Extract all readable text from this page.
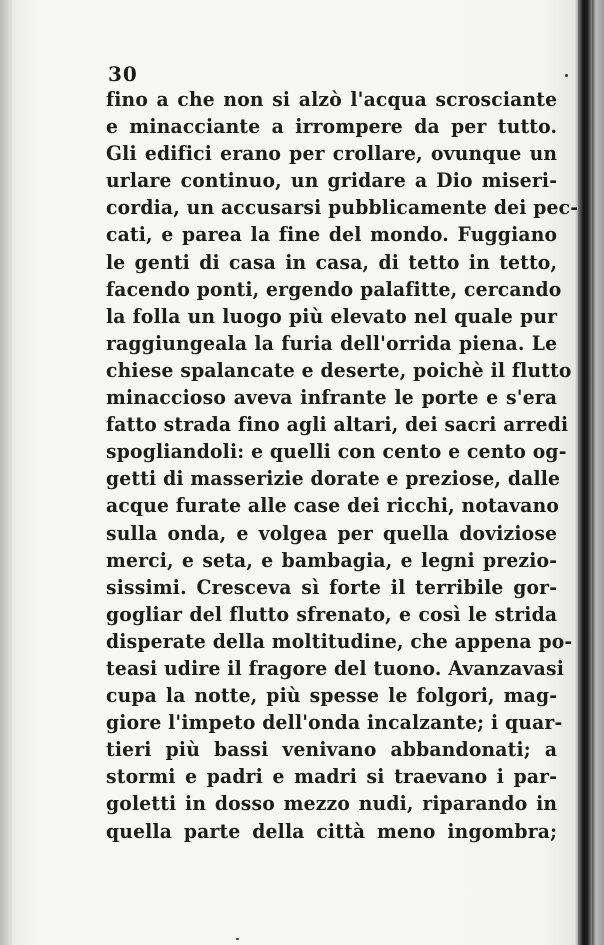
30
fino a che non si alzò l'acqua scrosciante
e minacciante a irrompere da per tutto.
Gli edifici erano per crollare, ovunque un
urlare continuo, un gridare a Dio miseri-
cordia, un accusarsi pubblicamente dei pec-
cati, e parea la fine del mondo. Fuggiano
le genti di casa in casa, di tetto in tetto,
facendo ponti, ergendo palafitte, cercando
la folla un luogo più elevato nel quale pur
raggiungeala la furia dell'orrida piena. Le
chiese spalancate e deserte, poichè il flutto
minaccioso aveva infrante le porte e s'era
fatto strada fino agli altari, dei sacri arredi
spogliandoli: e quelli con cento e cento og-
getti di masserizie dorate e preziose, dalle
acque furate alle case dei ricchi, notavano
sulla onda, e volgea per quella doviziose
merci, e seta, e bambagia, e legni prezio-
sissimi. Cresceva sì forte il terribile gor-
gogliar del flutto sfrenato, e così le strida
disperate della moltitudine, che appena po-
teasi udire il fragore del tuono. Avanzavasi
cupa la notte, più spesse le folgori, mag-
giore l'impeto dell'onda incalzante; i quar-
tieri più bassi venivano abbandonati; a
stormi e padri e madri si traevano i par-
goletti in dosso mezzo nudi, riparando in
quella parte della città meno ingombra;
